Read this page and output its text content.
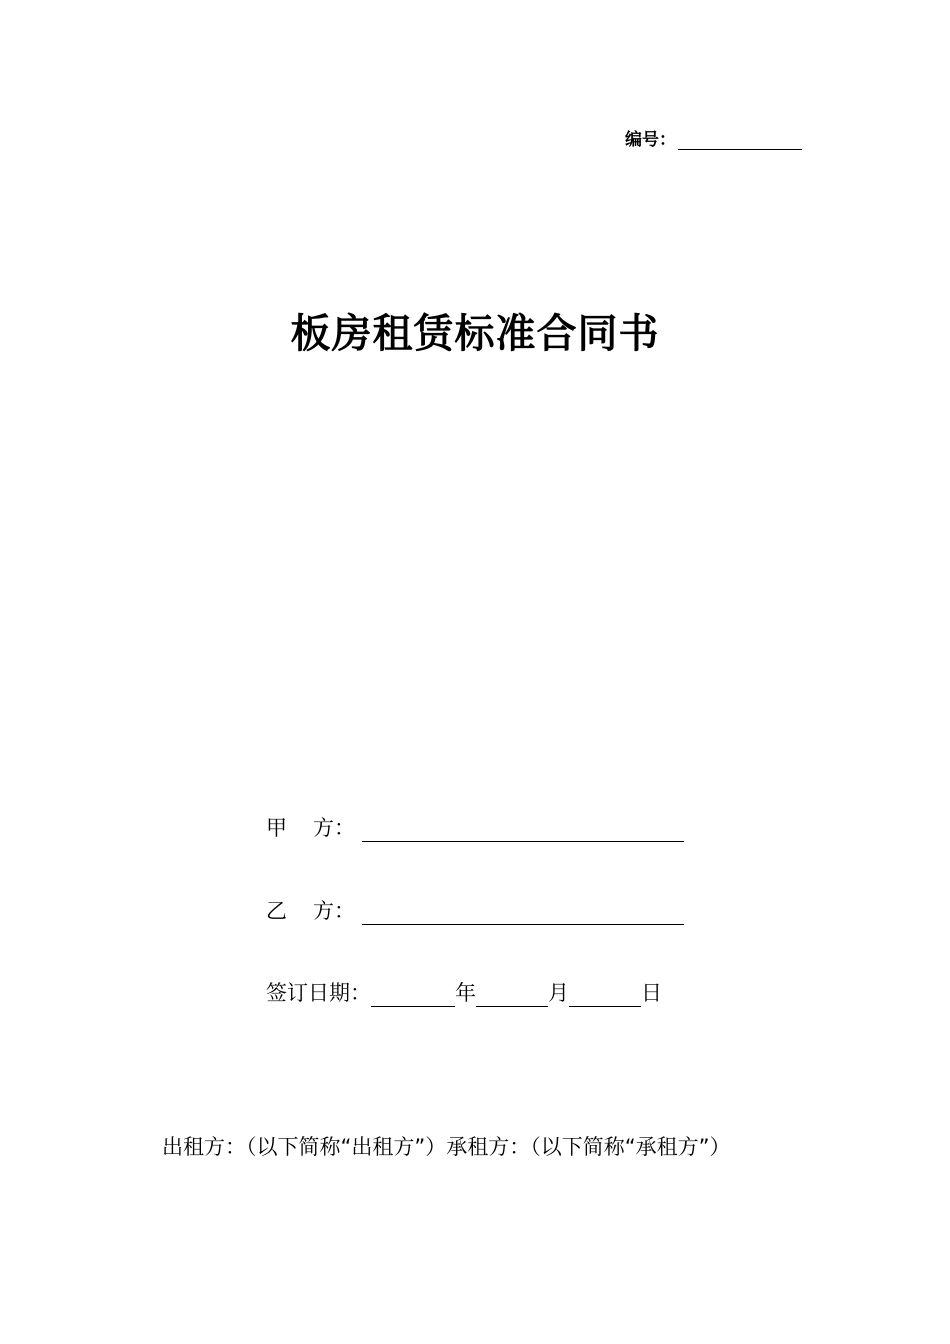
编号：
板房租赁标准合同书
甲 方：
乙 方：
签订日期：	年	月	日
出租方：（以下简称“出租方”）承租方：（以下简称“承租方”）
